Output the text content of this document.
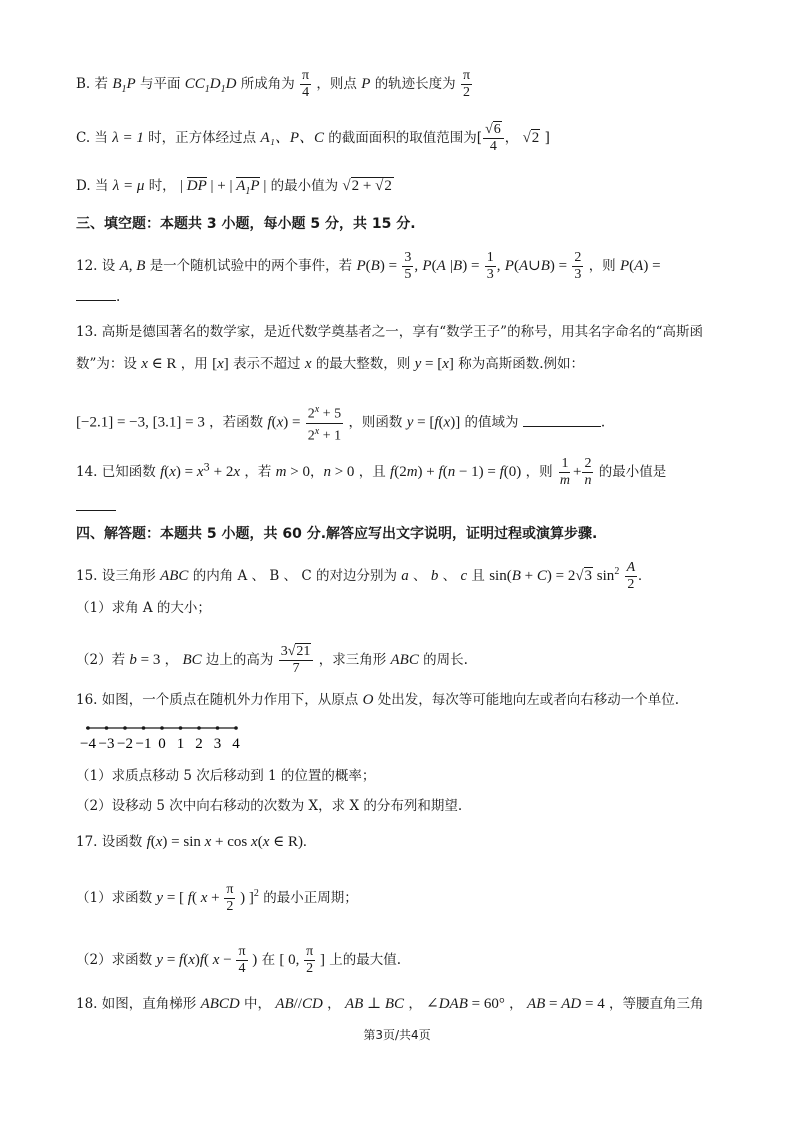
B. 若 $B_1P$ 与平面 $CC_1D_1D$ 所成角为 $\frac{\pi}{4}$ ，则点 P 的轨迹长度为 $\frac{\pi}{2}$
C. 当 λ = 1 时，正方体经过点 A₁、P、C 的截面面积的取值范围为[ $\frac{√6}{4}$ ， √2 ]
D. 当 λ = μ 时， | DP | + | $A_1P$ | 的最小值为 √2 + √2
三、填空题：本题共 3 小题，每小题 5 分，共 15 分.
12. 设 A, B 是一个随机试验中的两个事件，若 $P(B) = \frac{3}{5}$ , P(A $|B) = \frac{1}{3}$ , P(A∪B) = $\frac{2}{3}$ ，则 P(A) =
.
13. 高斯是德国著名的数学家，是近代数学奠基者之一，享有“数学王子”的称号，用其名字命名的“高斯函
数”为：设 x ∈ R ，用 [x] 表示不超过 x 的最大整数，则 y = [x] 称为高斯函数.例如：
[−2.1] = −3, [3.1] = 3 ，若函数 $f(x) = \frac{2^x + 5}{2^x + 1}$ ，则函数 y = [f(x)] 的值域为	.
14. 已知函数 $f(x) = x^3 + 2x$ ，若 m > 0，n > 0 ，且 f(2m) + f(n − 1) = f(0) ，则 $\frac{1}{m} + \frac{2}{n}$ 的最小值是
四、解答题：本题共 5 小题，共 60 分.解答应写出文字说明，证明过程或演算步骤.
15. 设三角形 ABC 的内角 A 、 B 、 C 的对边分别为 a 、 b 、 c 且 sin(B + C) = 2√3 $\sin^2 \frac{A}{2}$ .
（1）求角 A 的大小；
（2）若 b = 3 ， BC 边上的高为 $\frac{3√21}{7}$ ，求三角形 ABC 的周长.
16. 如图，一个质点在随机外力作用下，从原点 O 处出发，每次等可能地向左或者向右移动一个单位.
−4 −3 −2 −1 0 1 2 3 4
（1）求质点移动 5 次后移动到 1 的位置的概率；
（2）设移动 5 次中向右移动的次数为 X，求 X 的分布列和期望.
17. 设函数 f(x) = sin x + cos x(x ∈ R).
（1）求函数 y = [ f( $x + \frac{\pi}{2}$ ) ]$^2$ 的最小正周期；
（2）求函数 y = f(x)f( $x - \frac{\pi}{4}$ ) 在 [ 0, $\frac{\pi}{2}$ ] 上的最大值.
18. 如图，直角梯形 ABCD 中， AB//CD ， AB ⊥ BC ， ∠DAB = 60° ， AB = AD = 4 ，等腰直角三角
第3页/共4页
